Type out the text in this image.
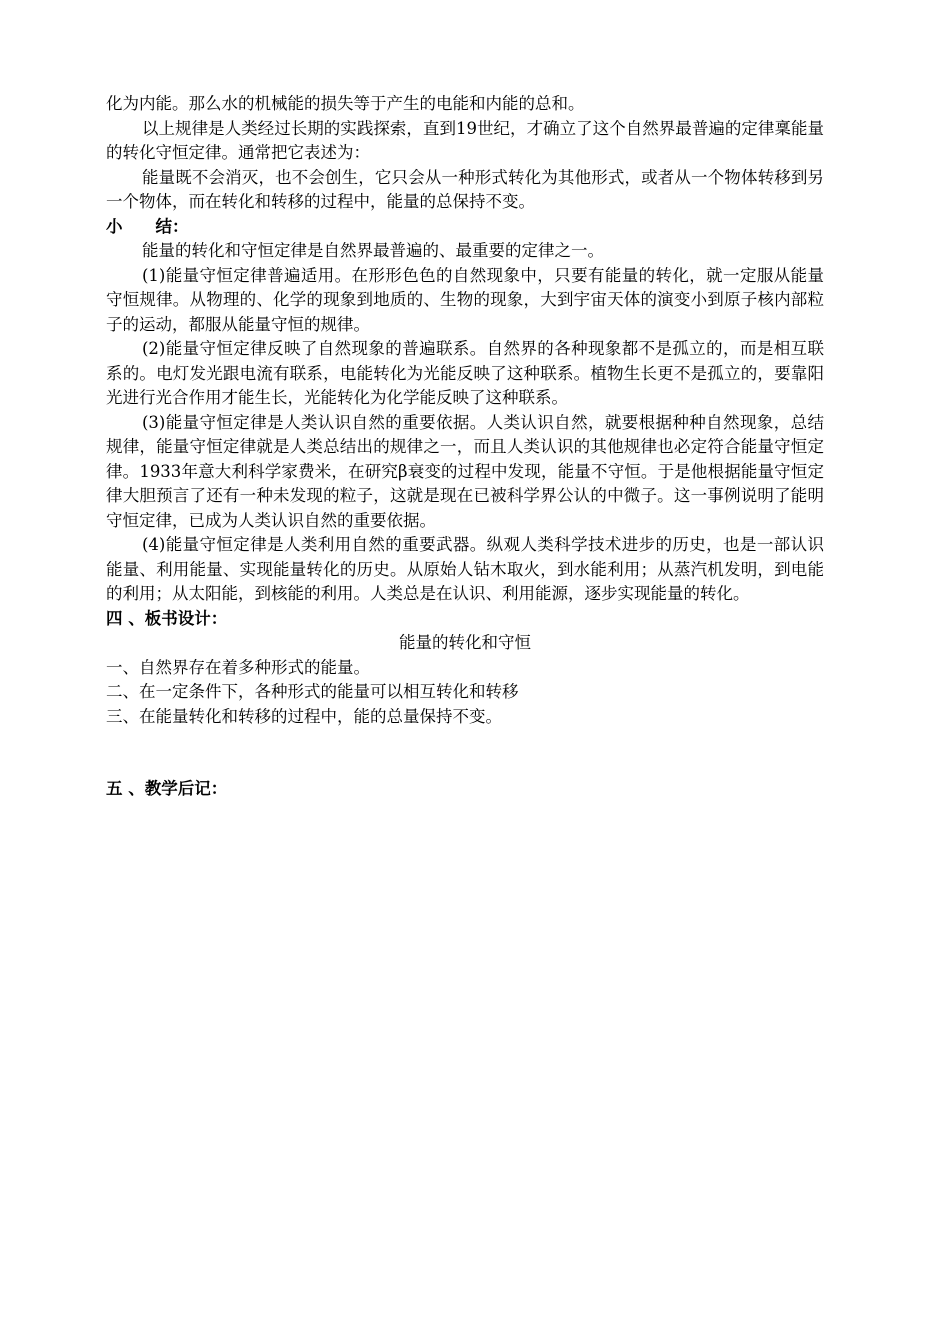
化为内能。那么水的机械能的损失等于产生的电能和内能的总和。

以上规律是人类经过长期的实践探索，直到19世纪，才确立了这个自然界最普遍的定律稟能量的转化守恒定律。通常把它表述为：

能量既不会消灭，也不会创生，它只会从一种形式转化为其他形式，或者从一个物体转移到另一个物体，而在转化和转移的过程中，能量的总保持不变。

小　　结：

能量的转化和守恒定律是自然界最普遍的、最重要的定律之一。

(1)能量守恒定律普遍适用。在形形色色的自然现象中，只要有能量的转化，就一定服从能量守恒规律。从物理的、化学的现象到地质的、生物的现象，大到宇宙天体的演变小到原子核内部粒子的运动，都服从能量守恒的规律。

(2)能量守恒定律反映了自然现象的普遍联系。自然界的各种现象都不是孤立的，而是相互联系的。电灯发光跟电流有联系，电能转化为光能反映了这种联系。植物生长更不是孤立的，要靠阳光进行光合作用才能生长，光能转化为化学能反映了这种联系。

(3)能量守恒定律是人类认识自然的重要依据。人类认识自然，就要根据种种自然现象，总结规律，能量守恒定律就是人类总结出的规律之一，而且人类认识的其他规律也必定符合能量守恒定律。1933年意大利科学家费米，在研究β衰变的过程中发现，能量不守恒。于是他根据能量守恒定律大胆预言了还有一种未发现的粒子，这就是现在已被科学界公认的中微子。这一事例说明了能明守恒定律，已成为人类认识自然的重要依据。

(4)能量守恒定律是人类利用自然的重要武器。纵观人类科学技术进步的历史，也是一部认识能量、利用能量、实现能量转化的历史。从原始人钻木取火，到水能利用；从蒸汽机发明，到电能的利用；从太阳能，到核能的利用。人类总是在认识、利用能源，逐步实现能量的转化。

四 、板书设计：

能量的转化和守恒

一、自然界存在着多种形式的能量。

二、在一定条件下，各种形式的能量可以相互转化和转移

三、在能量转化和转移的过程中，能的总量保持不变。

五 、教学后记：
